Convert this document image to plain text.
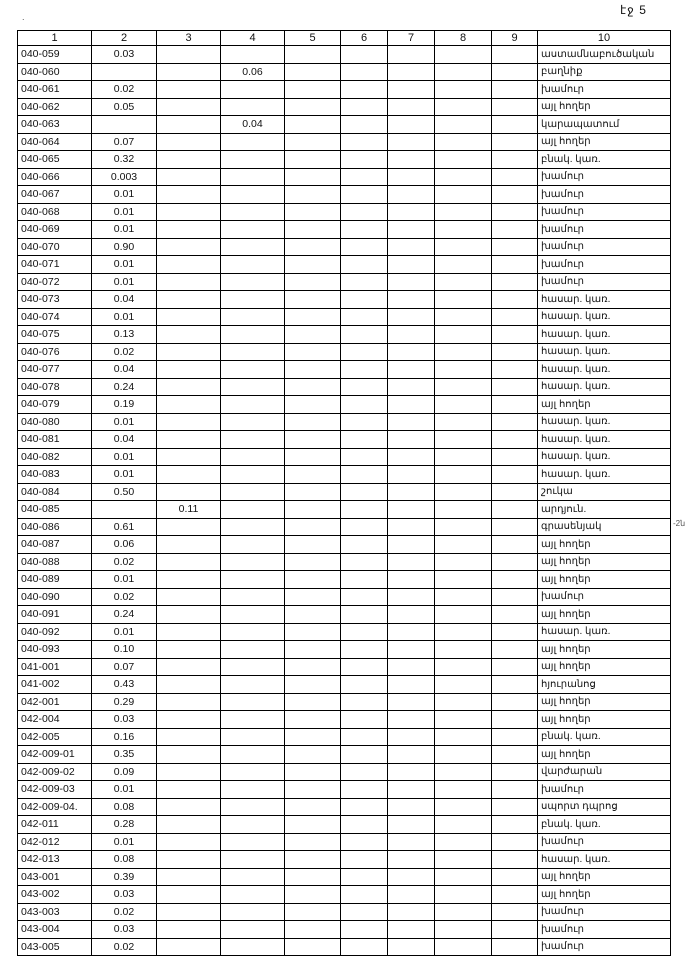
.	էջ 5
-2ն
1	2	3	4	5	6	7	8	9	10
040-059	0.03								աստամնաբուծական
040-060			0.06						բաղնիք
040-061	0.02								խամուր
040-062	0.05								այլ հողեր
040-063			0.04						կարապատում
040-064	0.07								այլ հողեր
040-065	0.32								բնակ. կառ.
040-066	0.003								խամուր
040-067	0.01								խամուր
040-068	0.01								խամուր
040-069	0.01								խամուր
040-070	0.90								խամուր
040-071	0.01								խամուր
040-072	0.01								խամուր
040-073	0.04								հասար. կառ.
040-074	0.01								հասար. կառ.
040-075	0.13								հասար. կառ.
040-076	0.02								հասար. կառ.
040-077	0.04								հասար. կառ.
040-078	0.24								հասար. կառ.
040-079	0.19								այլ հողեր
040-080	0.01								հասար. կառ.
040-081	0.04								հասար. կառ.
040-082	0.01								հասար. կառ.
040-083	0.01								հասար. կառ.
040-084	0.50								շուկա
040-085		0.11							արդյուն.
040-086	0.61								գրասենյակ
040-087	0.06								այլ հողեր
040-088	0.02								այլ հողեր
040-089	0.01								այլ հողեր
040-090	0.02								խամուր
040-091	0.24								այլ հողեր
040-092	0.01								հասար. կառ.
040-093	0.10								այլ հողեր
041-001	0.07								այլ հողեր
041-002	0.43								հյուրանոց
042-001	0.29								այլ հողեր
042-004	0.03								այլ հողեր
042-005	0.16								բնակ. կառ.
042-009-01	0.35								այլ հողեր
042-009-02	0.09								վարժարան
042-009-03	0.01								խամուր
042-009-04.	0.08								սպորտ դպրոց
042-011	0.28								բնակ. կառ.
042-012	0.01								խամուր
042-013	0.08								հասար. կառ.
043-001	0.39								այլ հողեր
043-002	0.03								այլ հողեր
043-003	0.02								խամուր
043-004	0.03								խամուր
043-005	0.02								խամուր
